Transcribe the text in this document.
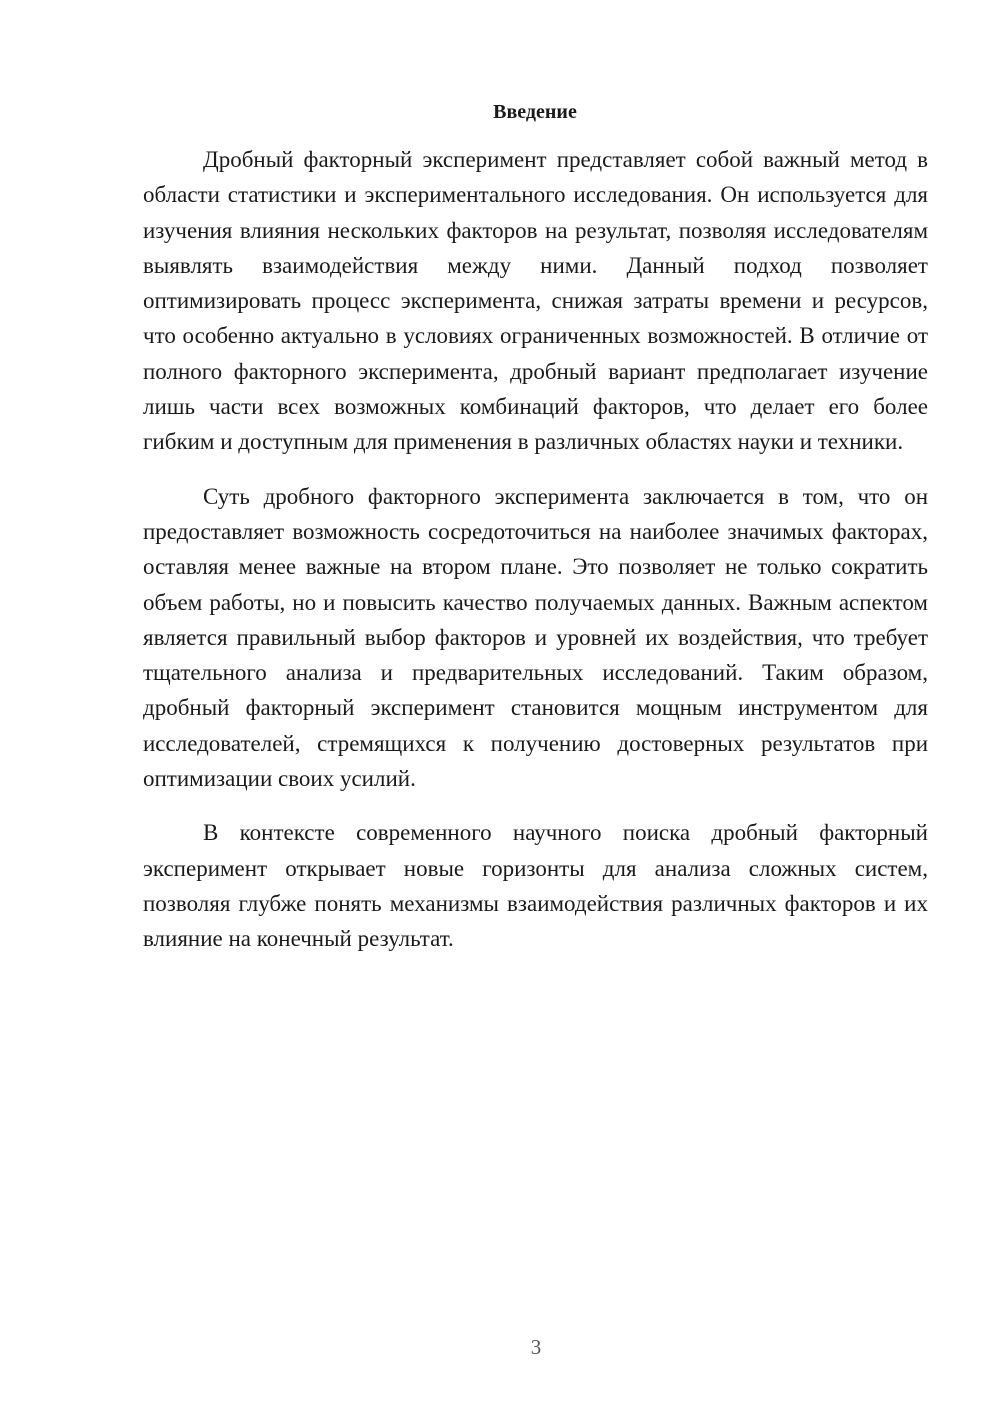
Введение

Дробный факторный эксперимент представляет собой важный метод в области статистики и экспериментального исследования. Он используется для изучения влияния нескольких факторов на результат, позволяя исследователям выявлять взаимодействия между ними. Данный подход позволяет оптимизировать процесс эксперимента, снижая затраты времени и ресурсов, что особенно актуально в условиях ограниченных возможностей. В отличие от полного факторного эксперимента, дробный вариант предполагает изучение лишь части всех возможных комбинаций факторов, что делает его более гибким и доступным для применения в различных областях науки и техники.

Суть дробного факторного эксперимента заключается в том, что он предоставляет возможность сосредоточиться на наиболее значимых факторах, оставляя менее важные на втором плане. Это позволяет не только сократить объем работы, но и повысить качество получаемых данных. Важным аспектом является правильный выбор факторов и уровней их воздействия, что требует тщательного анализа и предварительных исследований. Таким образом, дробный факторный эксперимент становится мощным инструментом для исследователей, стремящихся к получению достоверных результатов при оптимизации своих усилий.

В контексте современного научного поиска дробный факторный эксперимент открывает новые горизонты для анализа сложных систем, позволяя глубже понять механизмы взаимодействия различных факторов и их влияние на конечный результат.

3
